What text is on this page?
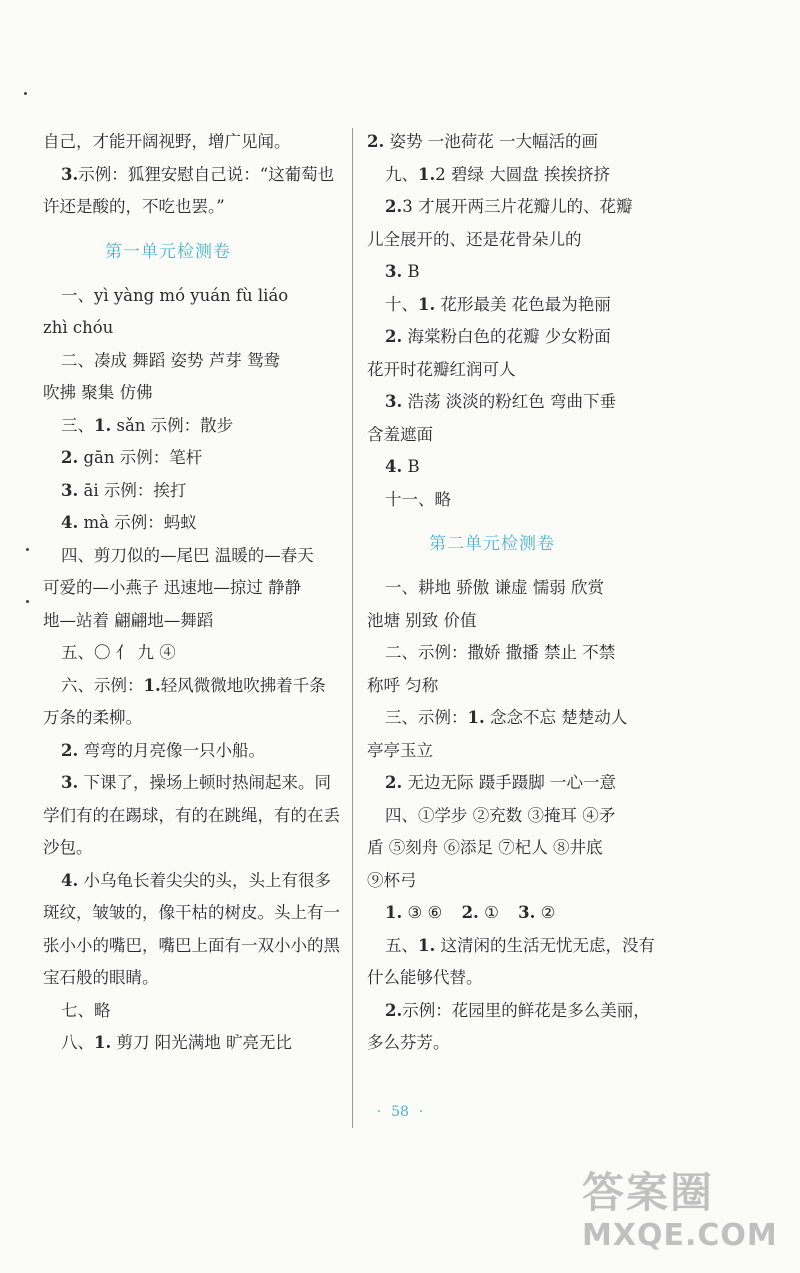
自己，才能开阔视野，增广见闻。
3.示例：狐狸安慰自己说：“这葡萄也
许还是酸的，不吃也罢。”
第一单元检测卷
一、yì yàng mó yuán fù liáo
zhì chóu
二、凑成 舞蹈 姿势 芦芽 鸳鸯
吹拂 聚集 仿佛
三、1. sǎn 示例：散步
2. gān 示例：笔杆
3. āi 示例：挨打
4. mà 示例：蚂蚁
四、剪刀似的—尾巴 温暖的—春天
可爱的—小燕子 迅速地—掠过 静静
地—站着 翩翩地—舞蹈
五、〇 亻 九 ④
六、示例：1.轻风微微地吹拂着千条
万条的柔柳。
2. 弯弯的月亮像一只小船。
3. 下课了，操场上顿时热闹起来。同
学们有的在踢球，有的在跳绳，有的在丢
沙包。
4. 小乌龟长着尖尖的头，头上有很多
斑纹，皱皱的，像干枯的树皮。头上有一
张小小的嘴巴，嘴巴上面有一双小小的黑
宝石般的眼睛。
七、略
八、1. 剪刀 阳光满地 旷亮无比
2. 姿势 一池荷花 一大幅活的画
九、1.2 碧绿 大圆盘 挨挨挤挤
2.3 才展开两三片花瓣儿的、花瓣
儿全展开的、还是花骨朵儿的
3. B
十、1. 花形最美 花色最为艳丽
2. 海棠粉白色的花瓣 少女粉面
花开时花瓣红润可人
3. 浩荡 淡淡的粉红色 弯曲下垂
含羞遮面
4. B
十一、略
第二单元检测卷
一、耕地 骄傲 谦虚 懦弱 欣赏
池塘 别致 价值
二、示例：撒娇 撒播 禁止 不禁
称呼 匀称
三、示例：1. 念念不忘 楚楚动人
亭亭玉立
2. 无边无际 蹑手蹑脚 一心一意
四、①学步 ②充数 ③掩耳 ④矛
盾 ⑤刻舟 ⑥添足 ⑦杞人 ⑧井底
⑨杯弓
1. ③ ⑥ 2. ① 3. ②
五、1. 这清闲的生活无忧无虑，没有
什么能够代替。
2.示例：花园里的鲜花是多么美丽，
多么芬芳。
· 58 ·
答案圈
MXQE.COM
